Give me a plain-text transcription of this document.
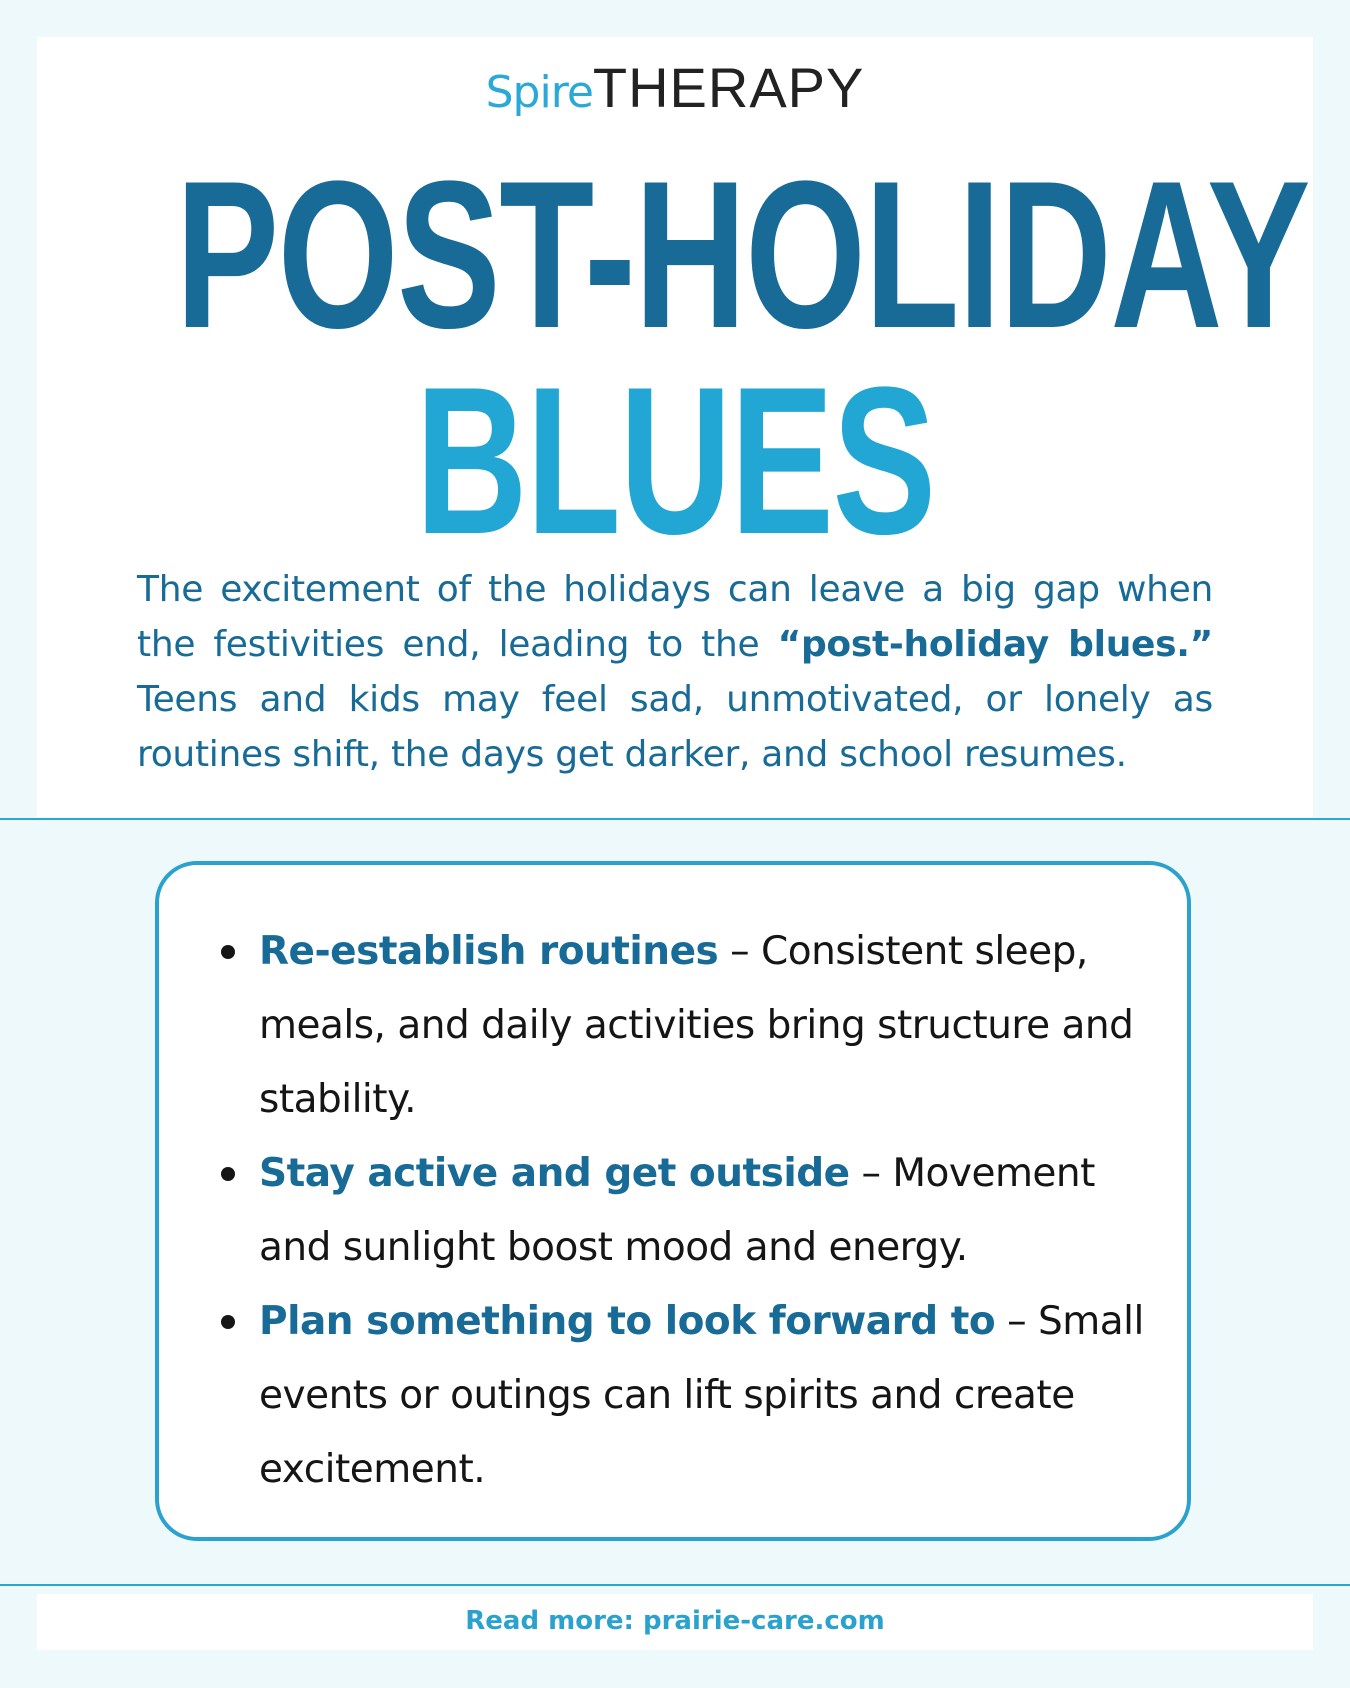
SpireTHERAPY
POST-HOLIDAY
BLUES

The excitement of the holidays can leave a big gap when the festivities end, leading to the “post-holiday blues.” Teens and kids may feel sad, unmotivated, or lonely as routines shift, the days get darker, and school resumes.

Re-establish routines – Consistent sleep, meals, and daily activities bring structure and stability.
Stay active and get outside – Movement and sunlight boost mood and energy.
Plan something to look forward to – Small events or outings can lift spirits and create excitement.
Read more: prairie-care.com
